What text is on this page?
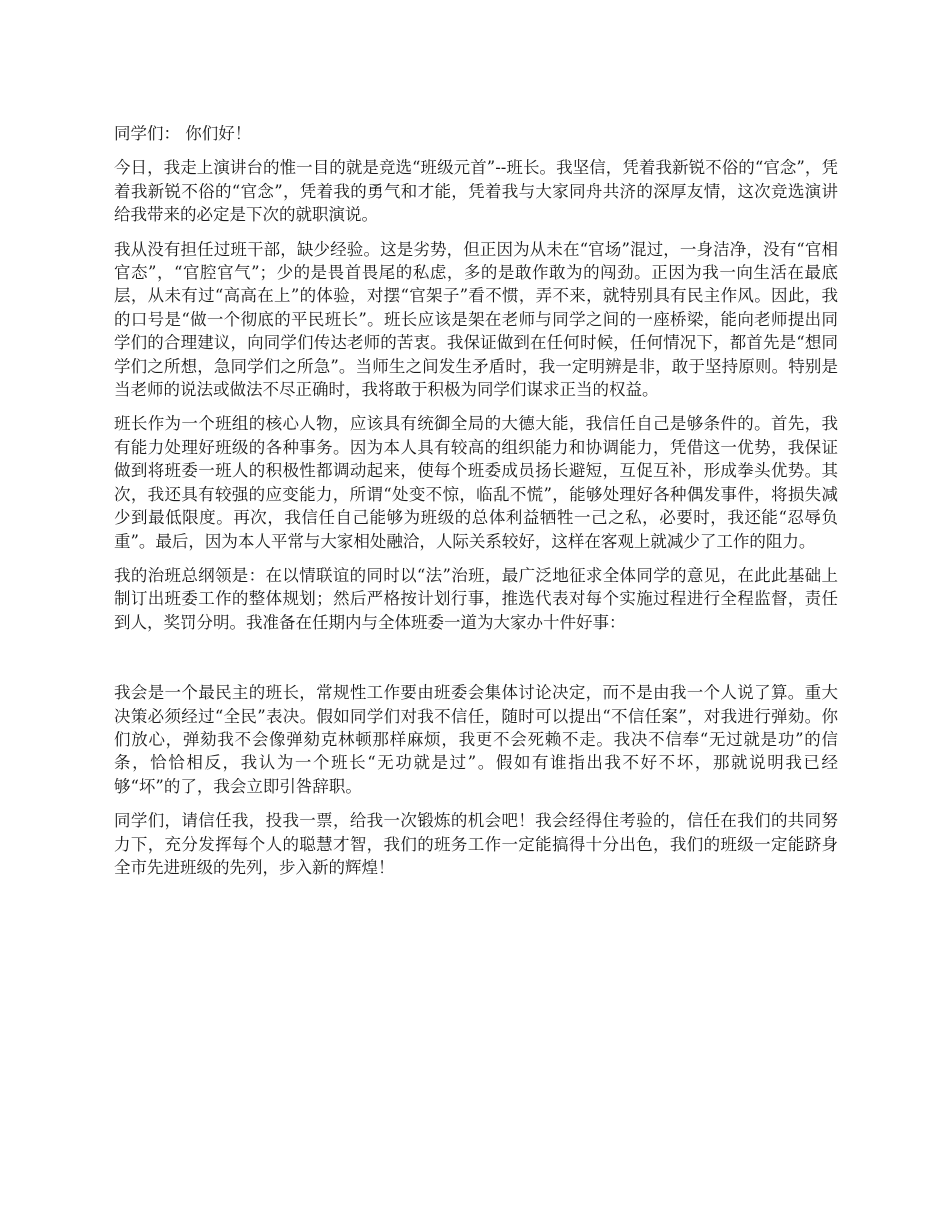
同学们： 你们好！

今日，我走上演讲台的惟一目的就是竞选“班级元首”--班长。我坚信，凭着我新锐不俗的“官念”，凭着我新锐不俗的“官念”，凭着我的勇气和才能，凭着我与大家同舟共济的深厚友情，这次竞选演讲给我带来的必定是下次的就职演说。

我从没有担任过班干部，缺少经验。这是劣势，但正因为从未在“官场”混过，一身洁净，没有“官相官态”，“官腔官气”；少的是畏首畏尾的私虑，多的是敢作敢为的闯劲。正因为我一向生活在最底层，从未有过“高高在上”的体验，对摆“官架子”看不惯，弄不来，就特别具有民主作风。因此，我的口号是“做一个彻底的平民班长”。班长应该是架在老师与同学之间的一座桥梁，能向老师提出同学们的合理建议，向同学们传达老师的苦衷。我保证做到在任何时候，任何情况下，都首先是“想同学们之所想，急同学们之所急”。当师生之间发生矛盾时，我一定明辨是非，敢于坚持原则。特别是当老师的说法或做法不尽正确时，我将敢于积极为同学们谋求正当的权益。

班长作为一个班组的核心人物，应该具有统御全局的大德大能，我信任自己是够条件的。首先，我有能力处理好班级的各种事务。因为本人具有较高的组织能力和协调能力，凭借这一优势，我保证做到将班委一班人的积极性都调动起来，使每个班委成员扬长避短，互促互补，形成拳头优势。其次，我还具有较强的应变能力，所谓“处变不惊，临乱不慌”，能够处理好各种偶发事件，将损失减少到最低限度。再次，我信任自己能够为班级的总体利益牺牲一己之私，必要时，我还能“忍辱负重”。最后，因为本人平常与大家相处融洽，人际关系较好，这样在客观上就减少了工作的阻力。

我的治班总纲领是：在以情联谊的同时以“法”治班，最广泛地征求全体同学的意见，在此此基础上制订出班委工作的整体规划；然后严格按计划行事，推选代表对每个实施过程进行全程监督，责任到人，奖罚分明。我准备在任期内与全体班委一道为大家办十件好事：

我会是一个最民主的班长，常规性工作要由班委会集体讨论决定，而不是由我一个人说了算。重大决策必须经过“全民”表决。假如同学们对我不信任，随时可以提出“不信任案”，对我进行弹劾。你们放心，弹劾我不会像弹劾克林顿那样麻烦，我更不会死赖不走。我决不信奉“无过就是功”的信条，恰恰相反，我认为一个班长“无功就是过”。假如有谁指出我不好不坏，那就说明我已经够“坏”的了，我会立即引咎辞职。

同学们，请信任我，投我一票，给我一次锻炼的机会吧！我会经得住考验的，信任在我们的共同努力下，充分发挥每个人的聪慧才智，我们的班务工作一定能搞得十分出色，我们的班级一定能跻身全市先进班级的先列，步入新的辉煌！
